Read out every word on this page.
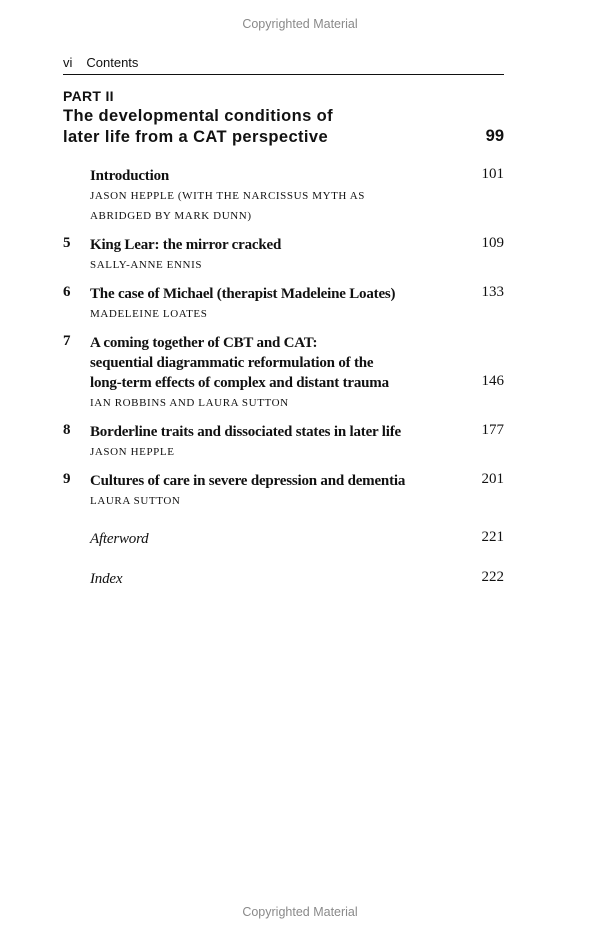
Copyrighted Material
vi Contents
PART II
The developmental conditions of
later life from a CAT perspective	99
Introduction	101
JASON HEPPLE (WITH THE NARCISSUS MYTH AS
ABRIDGED BY MARK DUNN)
5 King Lear: the mirror cracked	109
SALLY-ANNE ENNIS
6 The case of Michael (therapist Madeleine Loates)	133
MADELEINE LOATES
7 A coming together of CBT and CAT:
sequential diagrammatic reformulation of the
long-term effects of complex and distant trauma	146
IAN ROBBINS AND LAURA SUTTON
8 Borderline traits and dissociated states in later life	177
JASON HEPPLE
9 Cultures of care in severe depression and dementia	201
LAURA SUTTON
Afterword	221
Index	222
Copyrighted Material
